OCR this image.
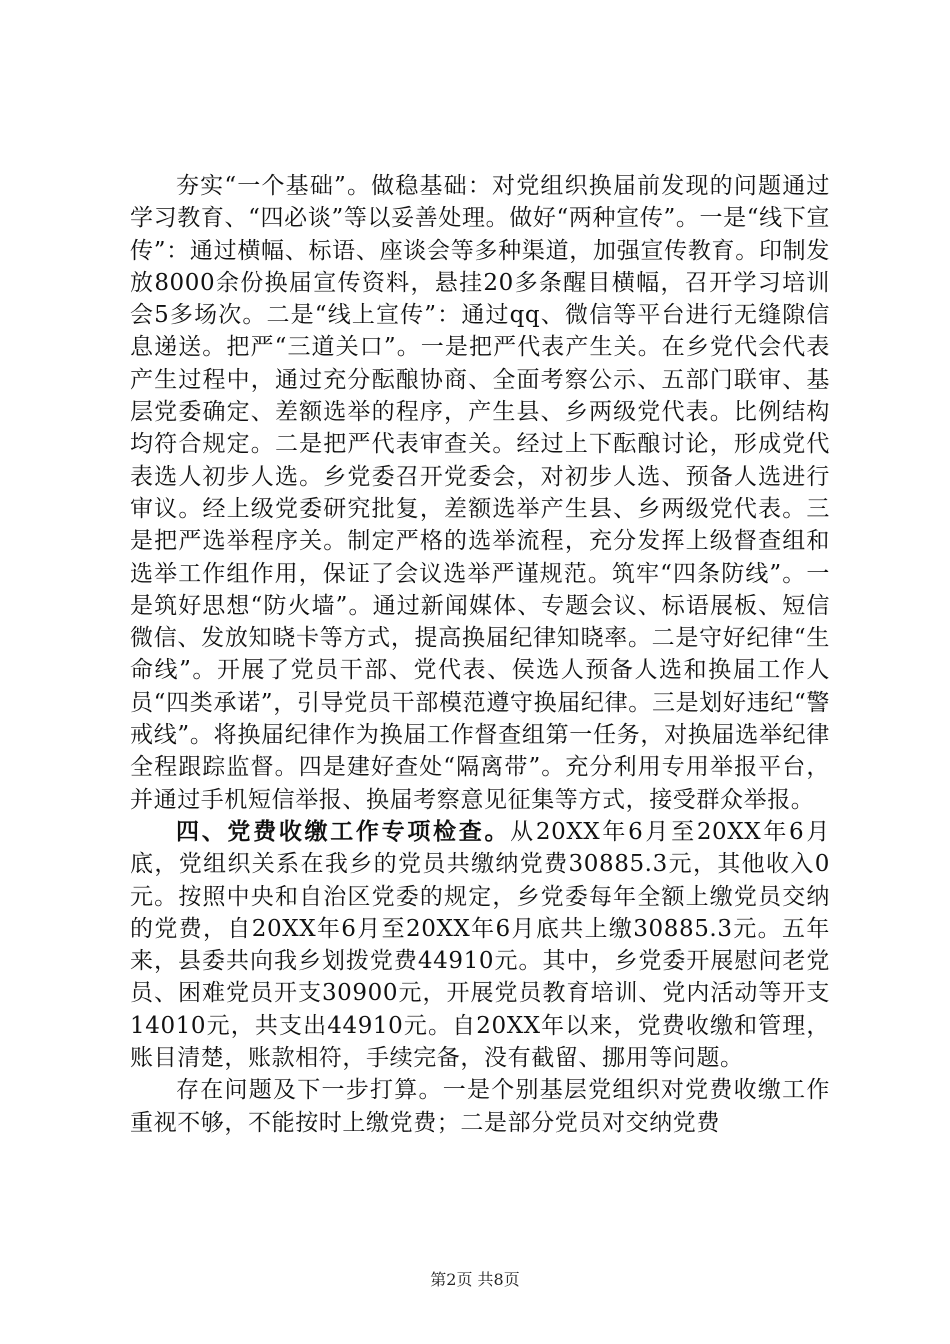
夯实“一个基础”。做稳基础：对党组织换届前发现的问题通过学习教育、“四必谈”等以妥善处理。做好“两种宣传”。一是“线下宣传”：通过横幅、标语、座谈会等多种渠道，加强宣传教育。印制发放8000余份换届宣传资料，悬挂20多条醒目横幅，召开学习培训会5多场次。二是“线上宣传”：通过qq、微信等平台进行无缝隙信息递送。把严“三道关口”。一是把严代表产生关。在乡党代会代表产生过程中，通过充分酝酿协商、全面考察公示、五部门联审、基层党委确定、差额选举的程序，产生县、乡两级党代表。比例结构均符合规定。二是把严代表审查关。经过上下酝酿讨论，形成党代表选人初步人选。乡党委召开党委会，对初步人选、预备人选进行审议。经上级党委研究批复，差额选举产生县、乡两级党代表。三是把严选举程序关。制定严格的选举流程，充分发挥上级督查组和选举工作组作用，保证了会议选举严谨规范。筑牢“四条防线”。一是筑好思想“防火墙”。通过新闻媒体、专题会议、标语展板、短信微信、发放知晓卡等方式，提高换届纪律知晓率。二是守好纪律“生命线”。开展了党员干部、党代表、侯选人预备人选和换届工作人员“四类承诺”，引导党员干部模范遵守换届纪律。三是划好违纪“警戒线”。将换届纪律作为换届工作督查组第一任务，对换届选举纪律全程跟踪监督。四是建好查处“隔离带”。充分利用专用举报平台，并通过手机短信举报、换届考察意见征集等方式，接受群众举报。

四、党费收缴工作专项检查。从20XX年6月至20XX年6月底，党组织关系在我乡的党员共缴纳党费30885.3元，其他收入0元。按照中央和自治区党委的规定，乡党委每年全额上缴党员交纳的党费，自20XX年6月至20XX年6月底共上缴30885.3元。五年来，县委共向我乡划拨党费44910元。其中，乡党委开展慰问老党员、困难党员开支30900元，开展党员教育培训、党内活动等开支14010元，共支出44910元。自20XX年以来，党费收缴和管理，账目清楚，账款相符，手续完备，没有截留、挪用等问题。

存在问题及下一步打算。一是个别基层党组织对党费收缴工作重视不够，不能按时上缴党费；二是部分党员对交纳党费

第2页 共8页
